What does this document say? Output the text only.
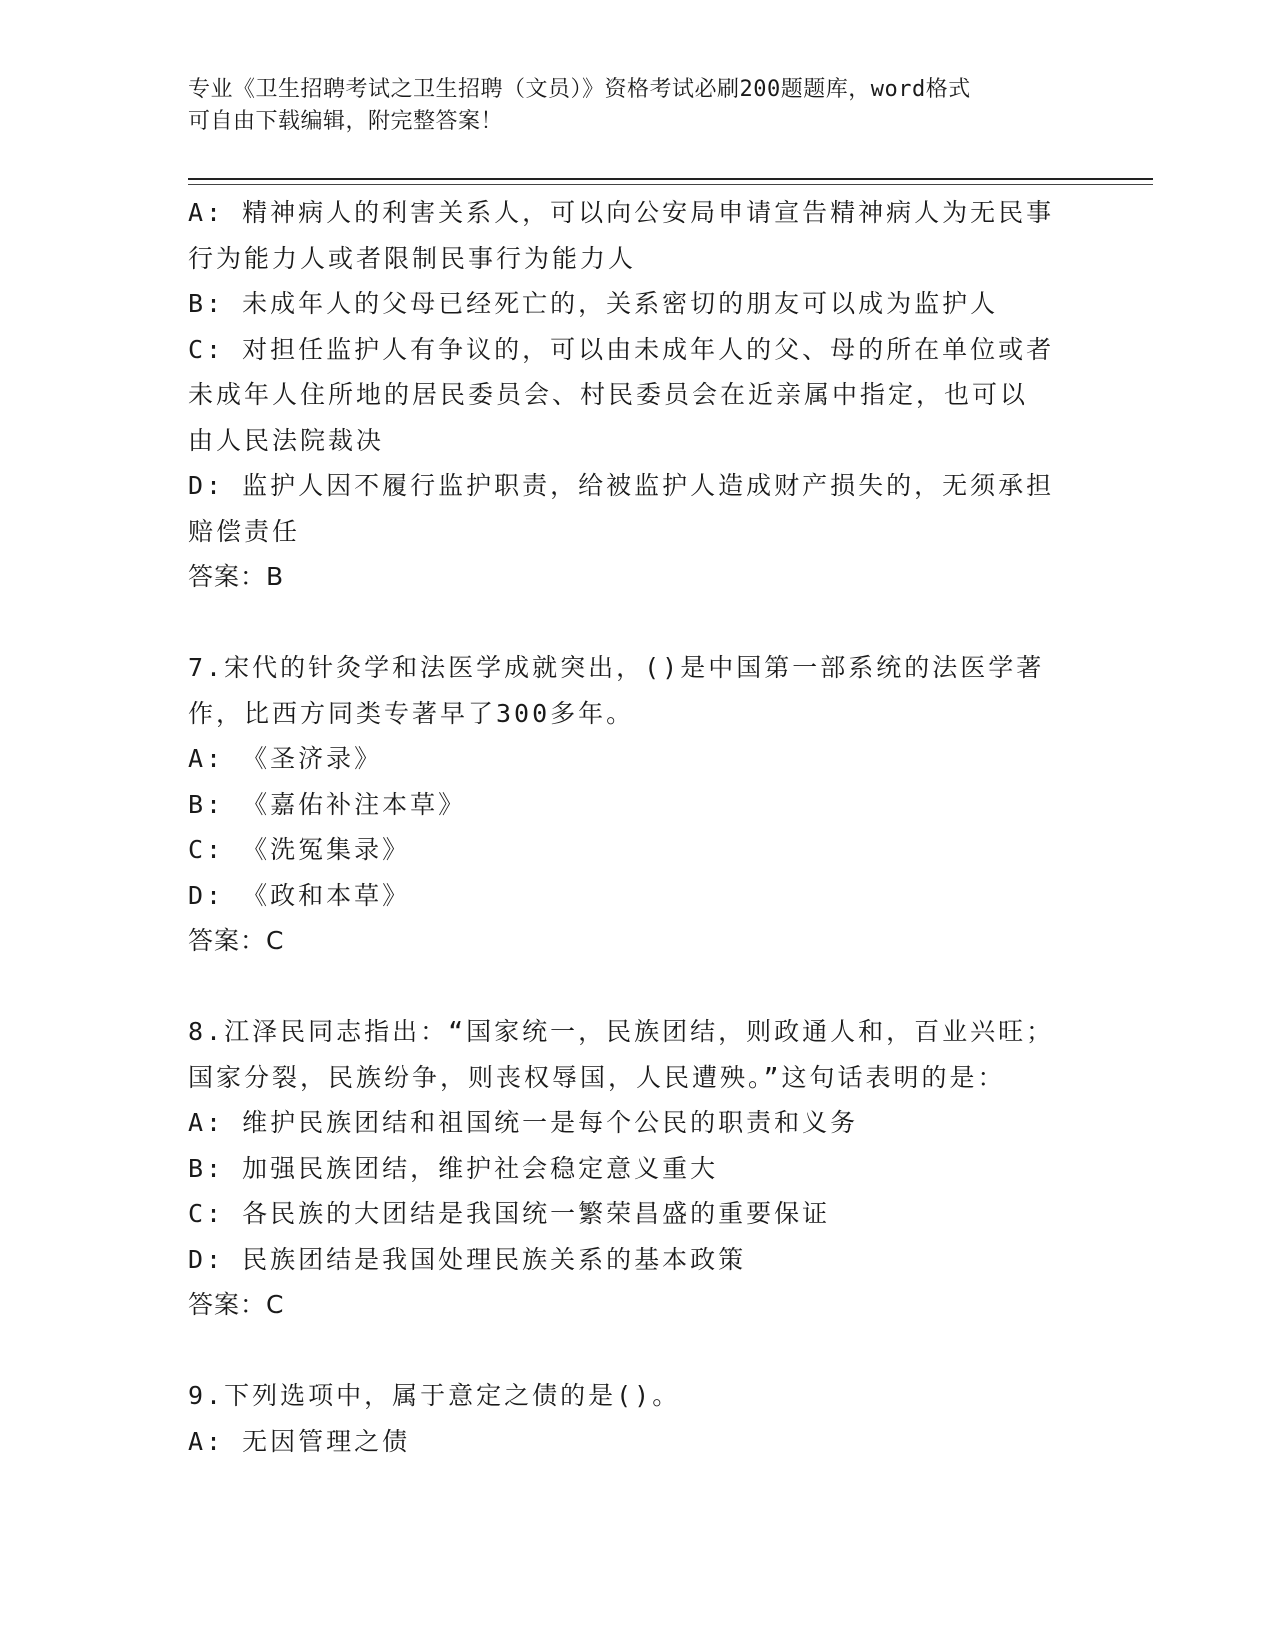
专业《卫生招聘考试之卫生招聘（文员）》资格考试必刷200题题库，word格式
可自由下载编辑，附完整答案！
A: 精神病人的利害关系人，可以向公安局申请宣告精神病人为无民事
行为能力人或者限制民事行为能力人
B: 未成年人的父母已经死亡的，关系密切的朋友可以成为监护人
C: 对担任监护人有争议的，可以由未成年人的父、母的所在单位或者
未成年人住所地的居民委员会、村民委员会在近亲属中指定，也可以
由人民法院裁决
D: 监护人因不履行监护职责，给被监护人造成财产损失的，无须承担
赔偿责任
答案：B
7.宋代的针灸学和法医学成就突出，()是中国第一部系统的法医学著
作，比西方同类专著早了300多年。
A: 《圣济录》
B: 《嘉佑补注本草》
C: 《洗冤集录》
D: 《政和本草》
答案：C
8.江泽民同志指出：“国家统一，民族团结，则政通人和，百业兴旺；
国家分裂，民族纷争，则丧权辱国，人民遭殃。”这句话表明的是：
A: 维护民族团结和祖国统一是每个公民的职责和义务
B: 加强民族团结，维护社会稳定意义重大
C: 各民族的大团结是我国统一繁荣昌盛的重要保证
D: 民族团结是我国处理民族关系的基本政策
答案：C
9.下列选项中，属于意定之债的是()。
A: 无因管理之债
